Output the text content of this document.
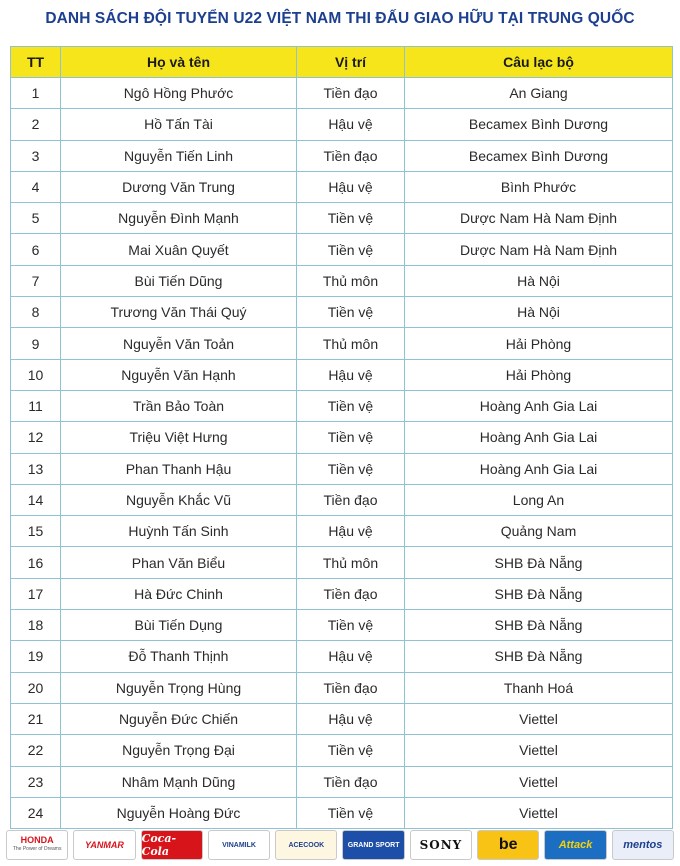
DANH SÁCH ĐỘI TUYỂN U22 VIỆT NAM THI ĐẤU GIAO HỮU TẠI TRUNG QUỐC
TT	Họ và tên	Vị trí	Câu lạc bộ
1	Ngô Hồng Phước	Tiền đạo	An Giang
2	Hồ Tấn Tài	Hậu vệ	Becamex Bình Dương
3	Nguyễn Tiến Linh	Tiền đạo	Becamex Bình Dương
4	Dương Văn Trung	Hậu vệ	Bình Phước
5	Nguyễn Đình Mạnh	Tiền vệ	Dược Nam Hà Nam Định
6	Mai Xuân Quyết	Tiền vệ	Dược Nam Hà Nam Định
7	Bùi Tiến Dũng	Thủ môn	Hà Nội
8	Trương Văn Thái Quý	Tiền vệ	Hà Nội
9	Nguyễn Văn Toản	Thủ môn	Hải Phòng
10	Nguyễn Văn Hạnh	Hậu vệ	Hải Phòng
11	Trần Bảo Toàn	Tiền vệ	Hoàng Anh Gia Lai
12	Triệu Việt Hưng	Tiền vệ	Hoàng Anh Gia Lai
13	Phan Thanh Hậu	Tiền vệ	Hoàng Anh Gia Lai
14	Nguyễn Khắc Vũ	Tiền đạo	Long An
15	Huỳnh Tấn Sinh	Hậu vệ	Quảng Nam
16	Phan Văn Biểu	Thủ môn	SHB Đà Nẵng
17	Hà Đức Chinh	Tiền đạo	SHB Đà Nẵng
18	Bùi Tiến Dụng	Tiền vệ	SHB Đà Nẵng
19	Đỗ Thanh Thịnh	Hậu vệ	SHB Đà Nẵng
20	Nguyễn Trọng Hùng	Tiền đạo	Thanh Hoá
21	Nguyễn Đức Chiến	Hậu vệ	Viettel
22	Nguyễn Trọng Đại	Tiền vệ	Viettel
23	Nhâm Mạnh Dũng	Tiền đạo	Viettel
24	Nguyễn Hoàng Đức	Tiền vệ	Viettel
HONDA
The Power of Dreams	YANMAR Coca-Cola	VINAMILK	ACECOOK	GRAND SPORT SONY be	Attack	mentos
